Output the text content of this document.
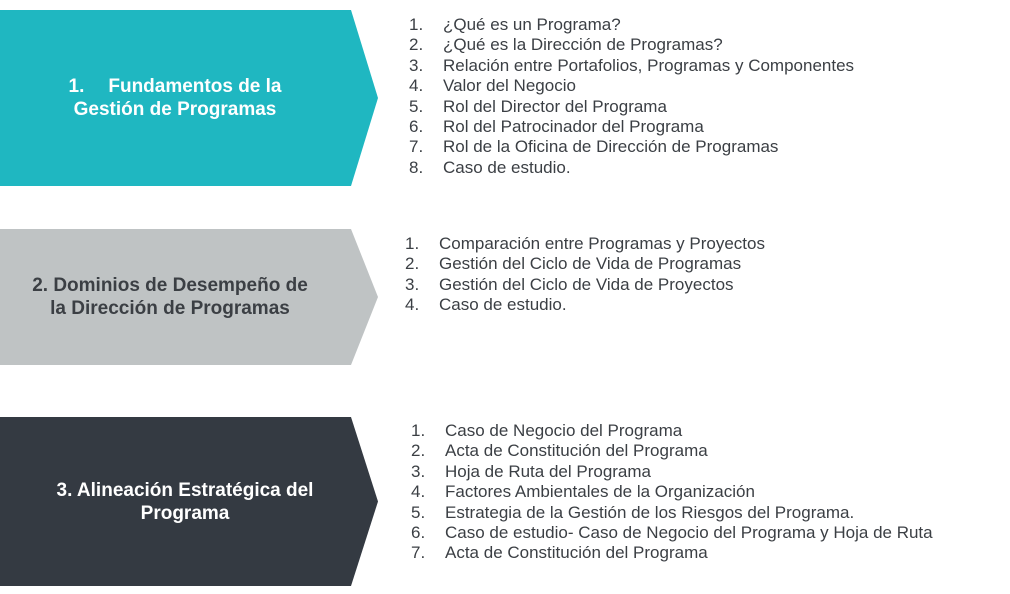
1. Fundamentos de la
Gestión de Programas
1. ¿Qué es un Programa?
2. ¿Qué es la Dirección de Programas?
3. Relación entre Portafolios, Programas y Componentes
4. Valor del Negocio
5. Rol del Director del Programa
6. Rol del Patrocinador del Programa
7. Rol de la Oficina de Dirección de Programas
8. Caso de estudio.
2. Dominios de Desempeño de
la Dirección de Programas
1. Comparación entre Programas y Proyectos
2. Gestión del Ciclo de Vida de Programas
3. Gestión del Ciclo de Vida de Proyectos
4. Caso de estudio.
3. Alineación Estratégica del
Programa
1. Caso de Negocio del Programa
2. Acta de Constitución del Programa
3. Hoja de Ruta del Programa
4. Factores Ambientales de la Organización
5. Estrategia de la Gestión de los Riesgos del Programa.
6. Caso de estudio- Caso de Negocio del Programa y Hoja de Ruta
7. Acta de Constitución del Programa
